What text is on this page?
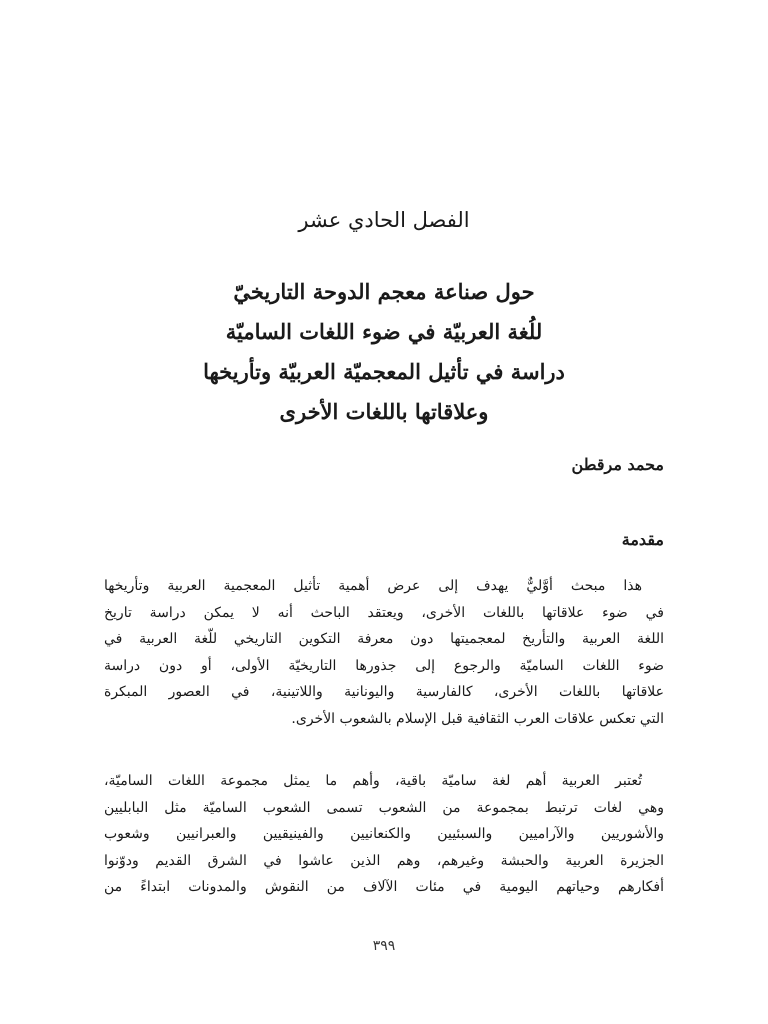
الفصل الحادي عشر
حول صناعة معجم الدوحة التاريخيّ
للُغة العربيّة في ضوء اللغات الساميّة
دراسة في تأثيل المعجميّة العربيّة وتأريخها
وعلاقاتها باللغات الأخرى

محمد مرقطن

مقدمة

هذا مبحث أوَّليٌّ يهدف إلى عرض أهمية تأثيل المعجمية العربية وتأريخها
في ضوء علاقاتها باللغات الأخرى، ويعتقد الباحث أنه لا يمكن دراسة تاريخ
اللغة العربية والتأريخ لمعجميتها دون معرفة التكوين التاريخي للّغة العربية في
ضوء اللغات الساميّة والرجوع إلى جذورها التاريخيّة الأولى، أو دون دراسة
علاقاتها باللغات الأخرى، كالفارسية واليونانية واللاتينية، في العصور المبكرة
التي تعكس علاقات العرب الثقافية قبل الإسلام بالشعوب الأخرى.

تُعتبر العربية أهم لغة ساميّة باقية، وأهم ما يمثل مجموعة اللغات الساميّة،
وهي لغات ترتبط بمجموعة من الشعوب تسمى الشعوب الساميّة مثل البابليين
والأشوريين والآراميين والسبئيين والكنعانيين والفينيقيين والعبرانيين وشعوب
الجزيرة العربية والحبشة وغيرهم، وهم الذين عاشوا في الشرق القديم ودوّنوا
أفكارهم وحياتهم اليومية في مئات الآلاف من النقوش والمدونات ابتداءً من

٣٩٩
